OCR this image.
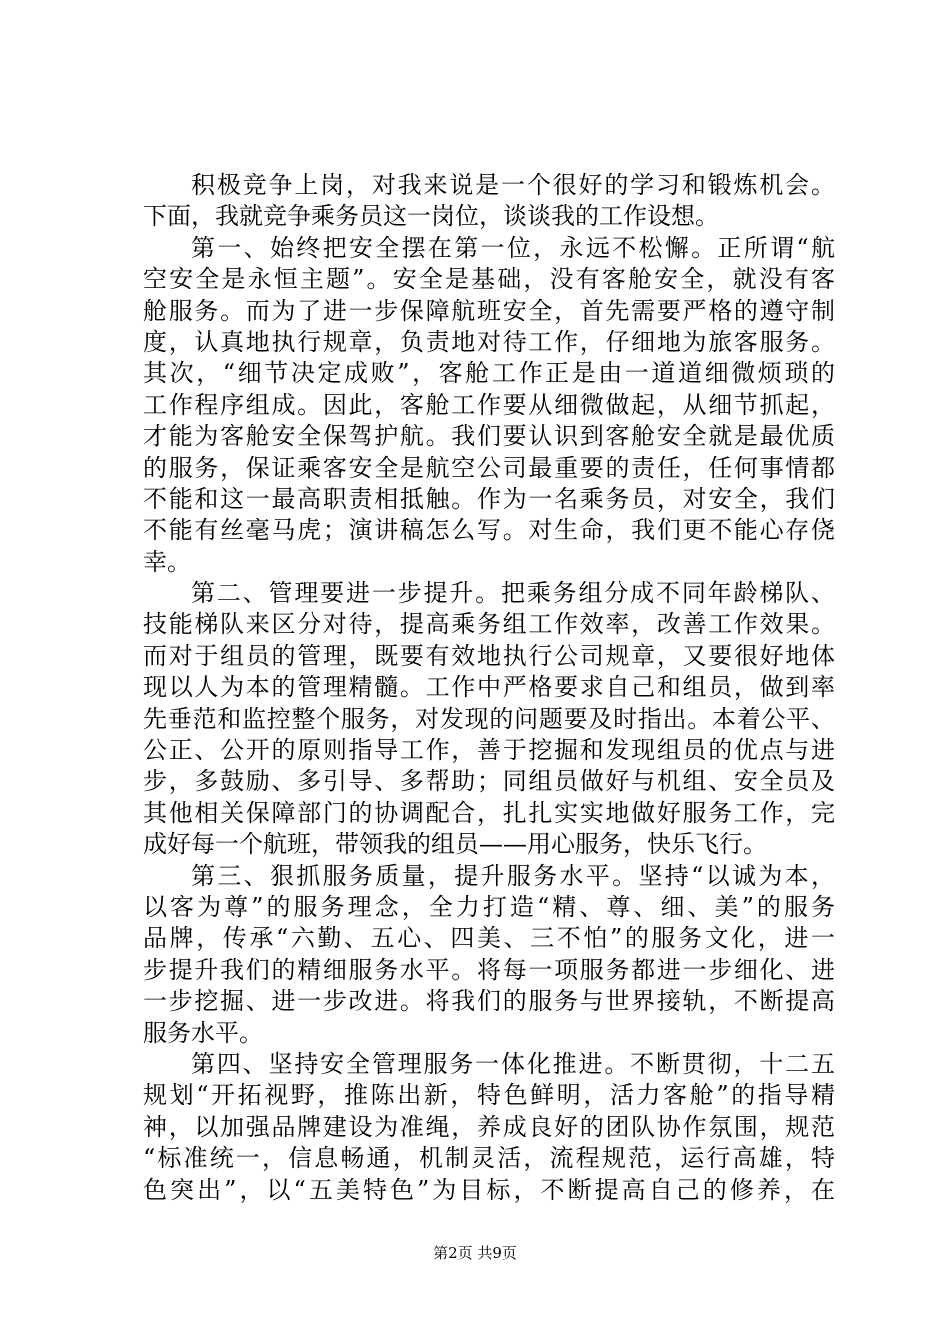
积极竞争上岗，对我来说是一个很好的学习和锻炼机会。
下面，我就竞争乘务员这一岗位，谈谈我的工作设想。
第一、始终把安全摆在第一位，永远不松懈。正所谓“航
空安全是永恒主题”。安全是基础，没有客舱安全，就没有客
舱服务。而为了进一步保障航班安全，首先需要严格的遵守制
度，认真地执行规章，负责地对待工作，仔细地为旅客服务。
其次，“细节决定成败”，客舱工作正是由一道道细微烦琐的
工作程序组成。因此，客舱工作要从细微做起，从细节抓起，
才能为客舱安全保驾护航。我们要认识到客舱安全就是最优质
的服务，保证乘客安全是航空公司最重要的责任，任何事情都
不能和这一最高职责相抵触。作为一名乘务员，对安全，我们
不能有丝毫马虎；演讲稿怎么写。对生命，我们更不能心存侥
幸。
第二、管理要进一步提升。把乘务组分成不同年龄梯队、
技能梯队来区分对待，提高乘务组工作效率，改善工作效果。
而对于组员的管理，既要有效地执行公司规章，又要很好地体
现以人为本的管理精髓。工作中严格要求自己和组员，做到率
先垂范和监控整个服务，对发现的问题要及时指出。本着公平、
公正、公开的原则指导工作，善于挖掘和发现组员的优点与进
步，多鼓励、多引导、多帮助；同组员做好与机组、安全员及
其他相关保障部门的协调配合，扎扎实实地做好服务工作，完
成好每一个航班，带领我的组员——用心服务，快乐飞行。
第三、狠抓服务质量，提升服务水平。坚持“以诚为本，
以客为尊”的服务理念，全力打造“精、尊、细、美”的服务
品牌，传承“六勤、五心、四美、三不怕”的服务文化，进一
步提升我们的精细服务水平。将每一项服务都进一步细化、进
一步挖掘、进一步改进。将我们的服务与世界接轨，不断提高
服务水平。
第四、坚持安全管理服务一体化推进。不断贯彻，十二五
规划“开拓视野，推陈出新，特色鲜明，活力客舱”的指导精
神，以加强品牌建设为准绳，养成良好的团队协作氛围，规范
“标准统一，信息畅通，机制灵活，流程规范，运行高雄，特
色突出”，以“五美特色”为目标，不断提高自己的修养，在
第2页 共9页
